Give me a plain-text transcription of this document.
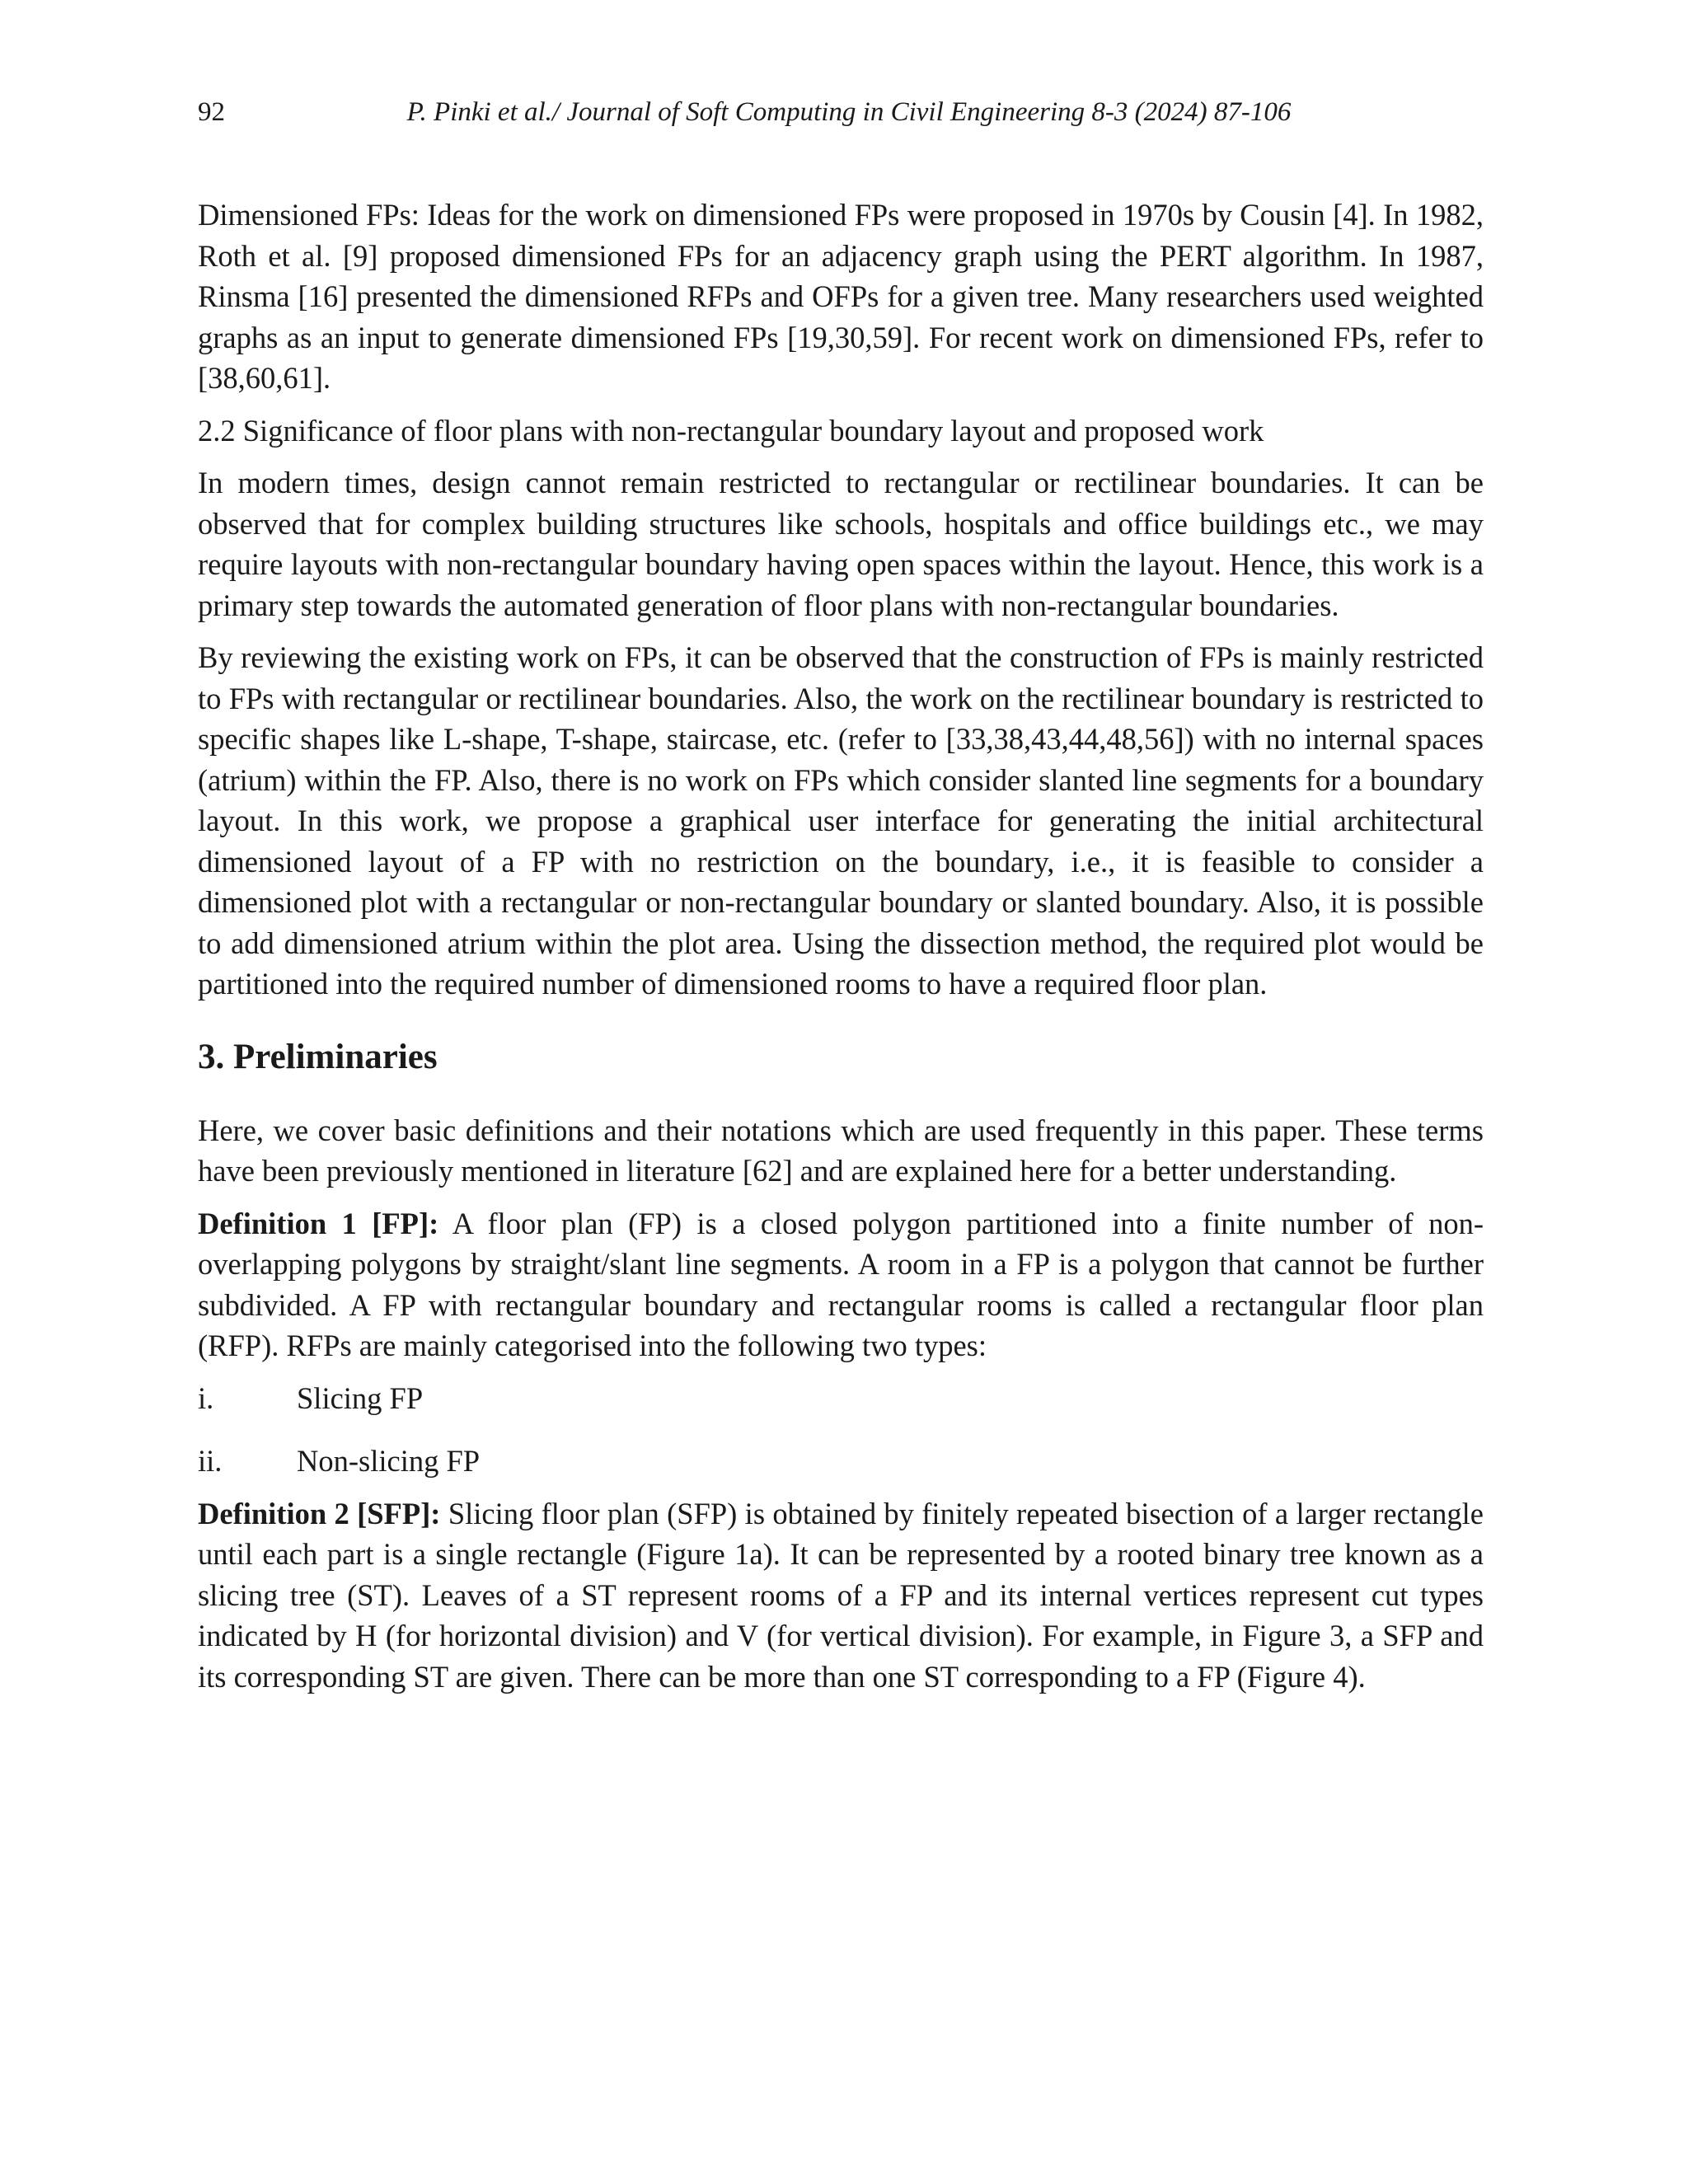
92	P. Pinki et al./ Journal of Soft Computing in Civil Engineering 8-3 (2024) 87-106

Dimensioned FPs: Ideas for the work on dimensioned FPs were proposed in 1970s by Cousin [4]. In 1982, Roth et al. [9] proposed dimensioned FPs for an adjacency graph using the PERT algorithm. In 1987, Rinsma [16] presented the dimensioned RFPs and OFPs for a given tree. Many researchers used weighted graphs as an input to generate dimensioned FPs [19,30,59]. For recent work on dimensioned FPs, refer to [38,60,61].

2.2 Significance of floor plans with non-rectangular boundary layout and proposed work

In modern times, design cannot remain restricted to rectangular or rectilinear boundaries. It can be observed that for complex building structures like schools, hospitals and office buildings etc., we may require layouts with non-rectangular boundary having open spaces within the layout. Hence, this work is a primary step towards the automated generation of floor plans with non-rectangular boundaries.

By reviewing the existing work on FPs, it can be observed that the construction of FPs is mainly restricted to FPs with rectangular or rectilinear boundaries. Also, the work on the rectilinear boundary is restricted to specific shapes like L-shape, T-shape, staircase, etc. (refer to [33,38,43,44,48,56]) with no internal spaces (atrium) within the FP. Also, there is no work on FPs which consider slanted line segments for a boundary layout. In this work, we propose a graphical user interface for generating the initial architectural dimensioned layout of a FP with no restriction on the boundary, i.e., it is feasible to consider a dimensioned plot with a rectangular or non-rectangular boundary or slanted boundary. Also, it is possible to add dimensioned atrium within the plot area. Using the dissection method, the required plot would be partitioned into the required number of dimensioned rooms to have a required floor plan.

3. Preliminaries

Here, we cover basic definitions and their notations which are used frequently in this paper. These terms have been previously mentioned in literature [62] and are explained here for a better understanding.

Definition 1 [FP]: A floor plan (FP) is a closed polygon partitioned into a finite number of non-overlapping polygons by straight/slant line segments. A room in a FP is a polygon that cannot be further subdivided. A FP with rectangular boundary and rectangular rooms is called a rectangular floor plan (RFP). RFPs are mainly categorised into the following two types:

i.	Slicing FP
ii. Non-slicing FP

Definition 2 [SFP]: Slicing floor plan (SFP) is obtained by finitely repeated bisection of a larger rectangle until each part is a single rectangle (Figure 1a). It can be represented by a rooted binary tree known as a slicing tree (ST). Leaves of a ST represent rooms of a FP and its internal vertices represent cut types indicated by H (for horizontal division) and V (for vertical division). For example, in Figure 3, a SFP and its corresponding ST are given. There can be more than one ST corresponding to a FP (Figure 4).
